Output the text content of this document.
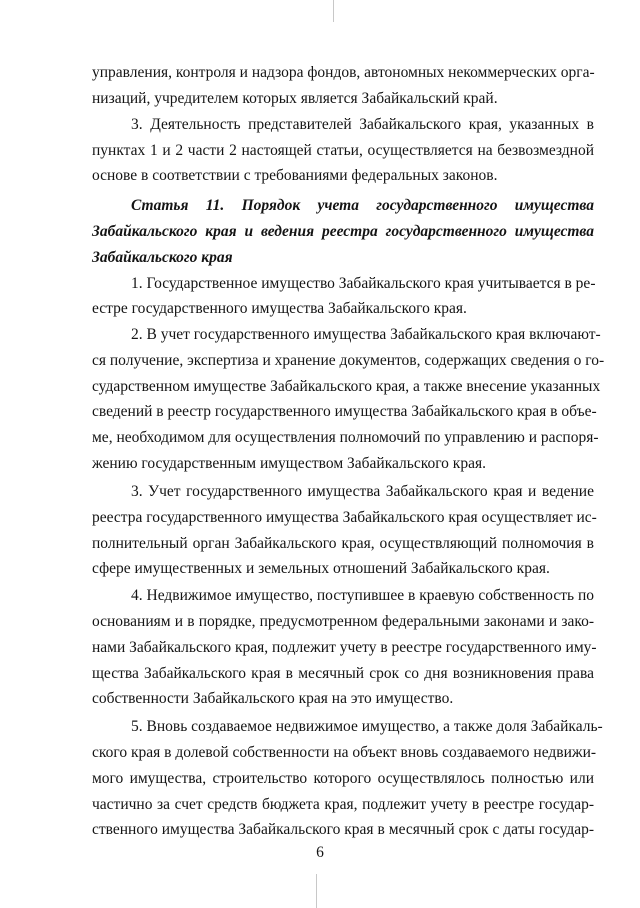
управления, контроля и надзора фондов, автономных некоммерческих орга-
низаций, учредителем которых является Забайкальский край.
3. Деятельность представителей Забайкальского края, указанных в
пунктах 1 и 2 части 2 настоящей статьи, осуществляется на безвозмездной
основе в соответствии с требованиями федеральных законов.
Статья 11. Порядок учета государственного имущества
Забайкальского края и ведения реестра государственного имущества
Забайкальского края
1. Государственное имущество Забайкальского края учитывается в ре-
естре государственного имущества Забайкальского края.
2. В учет государственного имущества Забайкальского края включают-
ся получение, экспертиза и хранение документов, содержащих сведения о го-
сударственном имуществе Забайкальского края, а также внесение указанных
сведений в реестр государственного имущества Забайкальского края в объе-
ме, необходимом для осуществления полномочий по управлению и распоря-
жению государственным имуществом Забайкальского края.
3. Учет государственного имущества Забайкальского края и ведение
реестра государственного имущества Забайкальского края осуществляет ис-
полнительный орган Забайкальского края, осуществляющий полномочия в
сфере имущественных и земельных отношений Забайкальского края.
4. Недвижимое имущество, поступившее в краевую собственность по
основаниям и в порядке, предусмотренном федеральными законами и зако-
нами Забайкальского края, подлежит учету в реестре государственного иму-
щества Забайкальского края в месячный срок со дня возникновения права
собственности Забайкальского края на это имущество.
5. Вновь создаваемое недвижимое имущество, а также доля Забайкаль-
ского края в долевой собственности на объект вновь создаваемого недвижи-
мого имущества, строительство которого осуществлялось полностью или
частично за счет средств бюджета края, подлежит учету в реестре государ-
ственного имущества Забайкальского края в месячный срок с даты государ-
6
